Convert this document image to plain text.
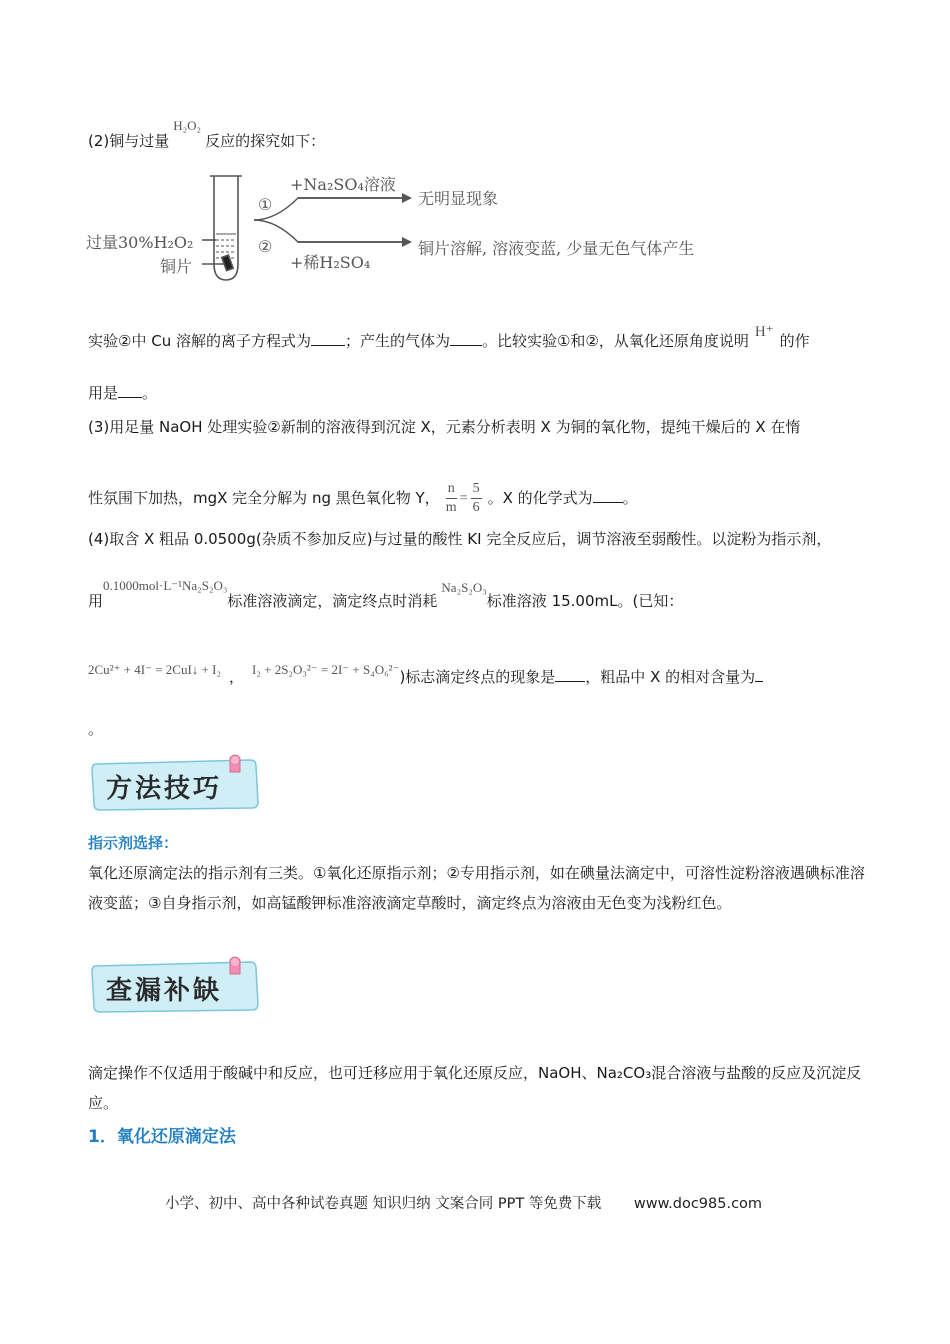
(2)铜与过量H₂O₂反应的探究如下：
过量30%H₂O₂
铜片
①
+Na₂SO₄溶液
无明显现象
②
+稀H₂SO₄
铜片溶解, 溶液变蓝, 少量无色气体产生
实验②中 Cu 溶解的离子方程式为 ；产生的气体为 。比较实验①和②，从氧化还原角度说明 H⁺ 的作
用是 。
(3)用足量 NaOH 处理实验②新制的溶液得到沉淀 X，元素分析表明 X 为铜的氧化物，提纯干燥后的 X 在惰
性氛围下加热，mgX 完全分解为 ng 黑色氧化物 Y， $\frac{n}{m} = \frac{5}{6}$ 。X 的化学式为 。
(4)取含 X 粗品 0.0500g(杂质不参加反应)与过量的酸性 KI 完全反应后，调节溶液至弱酸性。以淀粉为指示剂，
用0.1000mol·L⁻¹Na₂S₂O₃标准溶液滴定，滴定终点时消耗Na₂S₂O₃标准溶液 15.00mL。(已知：
2Cu²⁺ + 4I⁻ = 2CuI↓ + I₂ ， I₂ + 2S₂O₃²⁻ = 2I⁻ + S₄O₆²⁻)标志滴定终点的现象是 ，粗品中 X 的相对含量为
。
方法技巧
指示剂选择：
氧化还原滴定法的指示剂有三类。①氧化还原指示剂；②专用指示剂，如在碘量法滴定中，可溶性淀粉溶液遇碘标准溶液变蓝；③自身指示剂，如高锰酸钾标准溶液滴定草酸时，滴定终点为溶液由无色变为浅粉红色。
查漏补缺
滴定操作不仅适用于酸碱中和反应，也可迁移应用于氧化还原反应，NaOH、Na₂CO₃混合溶液与盐酸的反应及沉淀反应。
1．氧化还原滴定法
小学、初中、高中各种试卷真题 知识归纳 文案合同 PPT 等免费下载 www.doc985.com
